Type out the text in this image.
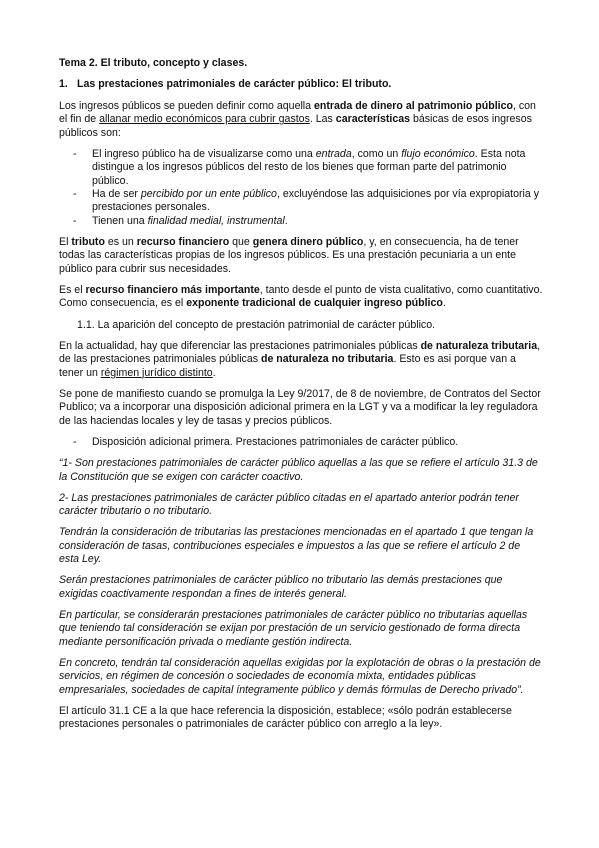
Tema 2. El tributo, concepto y clases.

1. Las prestaciones patrimoniales de carácter público: El tributo.

Los ingresos públicos se pueden definir como aquella entrada de dinero al patrimonio público, con el fin de allanar medio económicos para cubrir gastos. Las características básicas de esos ingresos públicos son:

- El ingreso público ha de visualizarse como una entrada, como un flujo económico. Esta nota distingue a los ingresos públicos del resto de los bienes que forman parte del patrimonio público.
- Ha de ser percibido por un ente público, excluyéndose las adquisiciones por vía expropiatoria y prestaciones personales.
- Tienen una finalidad medial, instrumental.

El tributo es un recurso financiero que genera dinero público, y, en consecuencia, ha de tener todas las características propias de los ingresos públicos. Es una prestación pecuniaria a un ente público para cubrir sus necesidades.

Es el recurso financiero más importante, tanto desde el punto de vista cualitativo, como cuantitativo. Como consecuencia, es el exponente tradicional de cualquier ingreso público.

1.1. La aparición del concepto de prestación patrimonial de carácter público.

En la actualidad, hay que diferenciar las prestaciones patrimoniales públicas de naturaleza tributaria, de las prestaciones patrimoniales públicas de naturaleza no tributaria. Esto es asi porque van a tener un régimen jurídico distinto.

Se pone de manifiesto cuando se promulga la Ley 9/2017, de 8 de noviembre, de Contratos del Sector Publico; va a incorporar una disposición adicional primera en la LGT y va a modificar la ley reguladora de las haciendas locales y ley de tasas y precios públicos.

- Disposición adicional primera. Prestaciones patrimoniales de carácter público.

“1- Son prestaciones patrimoniales de carácter público aquellas a las que se refiere el artículo 31.3 de la Constitución que se exigen con carácter coactivo.

2- Las prestaciones patrimoniales de carácter público citadas en el apartado anterior podrán tener carácter tributario o no tributario.

Tendrán la consideración de tributarias las prestaciones mencionadas en el apartado 1 que tengan la consideración de tasas, contribuciones especiales e impuestos a las que se refiere el artículo 2 de esta Ley.

Serán prestaciones patrimoniales de carácter público no tributario las demás prestaciones que exigidas coactivamente respondan a fines de interés general.

En particular, se considerarán prestaciones patrimoniales de carácter público no tributarias aquellas que teniendo tal consideración se exijan por prestación de un servicio gestionado de forma directa mediante personificación privada o mediante gestión indirecta.

En concreto, tendrán tal consideración aquellas exigidas por la explotación de obras o la prestación de servicios, en régimen de concesión o sociedades de economía mixta, entidades públicas empresariales, sociedades de capital íntegramente público y demás fórmulas de Derecho privado”.

El artículo 31.1 CE a la que hace referencia la disposición, establece; «sólo podrán establecerse prestaciones personales o patrimoniales de carácter público con arreglo a la ley».
